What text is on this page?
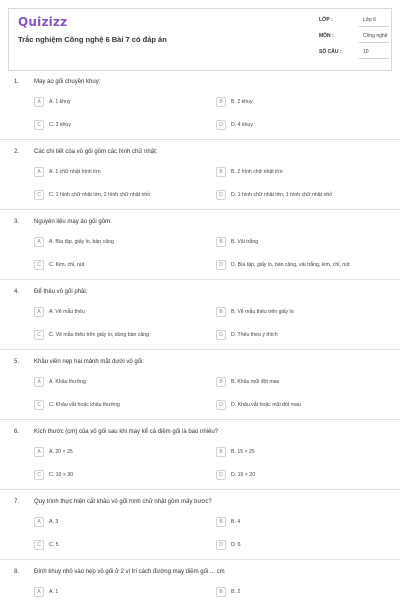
Quizizz
Trắc nghiệm Công nghệ 6 Bài 7 có đáp án
LỚP :	Lớp 6
MÔN :	Công nghệ
SỐ CÂU :	10
1. May áo gối chuyền khuy:
A	A. 1 khuy	B	B. 2 khuy
C	C. 3 khuy	D	D. 4 khuy
2. Các chi tiết của vỏ gối gồm các hình chữ nhật:
A	A. 1 chữ nhật hình lớn	B	B. 2 hình chữ nhật lớn
C	C. 1 hình chữ nhật lớn, 2 hình chữ nhật nhỏ	D	D. 1 hình chữ nhật lớn, 1 hình chữ nhật nhỏ
3. Nguyên liệu may áo gối gồm:
A	A. Bìa tập, giấy lo, bàn căng	B	B. Vải trắng
C	C. Kim, chỉ, nút	D	D. Bìa tập, giấy lo, bàn căng, vải trắng, kim, chỉ, nút
4. Để thêu vỏ gối phải:
A	A. Vẽ mẫu thêu	B	B. Vẽ mẫu thêu trên giấy lo
C	C. Vẽ mẫu thêu trên giấy lo, dùng bàn căng	D	D. Thêu theo ý thích
5. Khâu viền nẹp hai mảnh mặt dưới vỏ gối:
A	A. Khâu thường	B	B. Khâu mũi đột mau
C	C. Khâu vắt hoặc khâu thường	D	D. Khâu vắt hoặc mũi đột mau
6. Kích thước (cm) của vỏ gối sau khi may kể cả diềm gối là bao nhiêu?
A	A. 20 × 25	B	B. 15 × 25
C	C. 10 × 30	D	D. 15 × 20
7. Quy trình thực hiện cắt khâu vỏ gối hình chữ nhật gồm mấy bước?
A	A. 3	B	B. 4
C	C. 5	D	D. 6
8. Đính khuy nhỏ vào nẹp vỏ gối ở 2 vị trí cách đường may diềm gối ... cm
A	A. 1	B	B. 2
